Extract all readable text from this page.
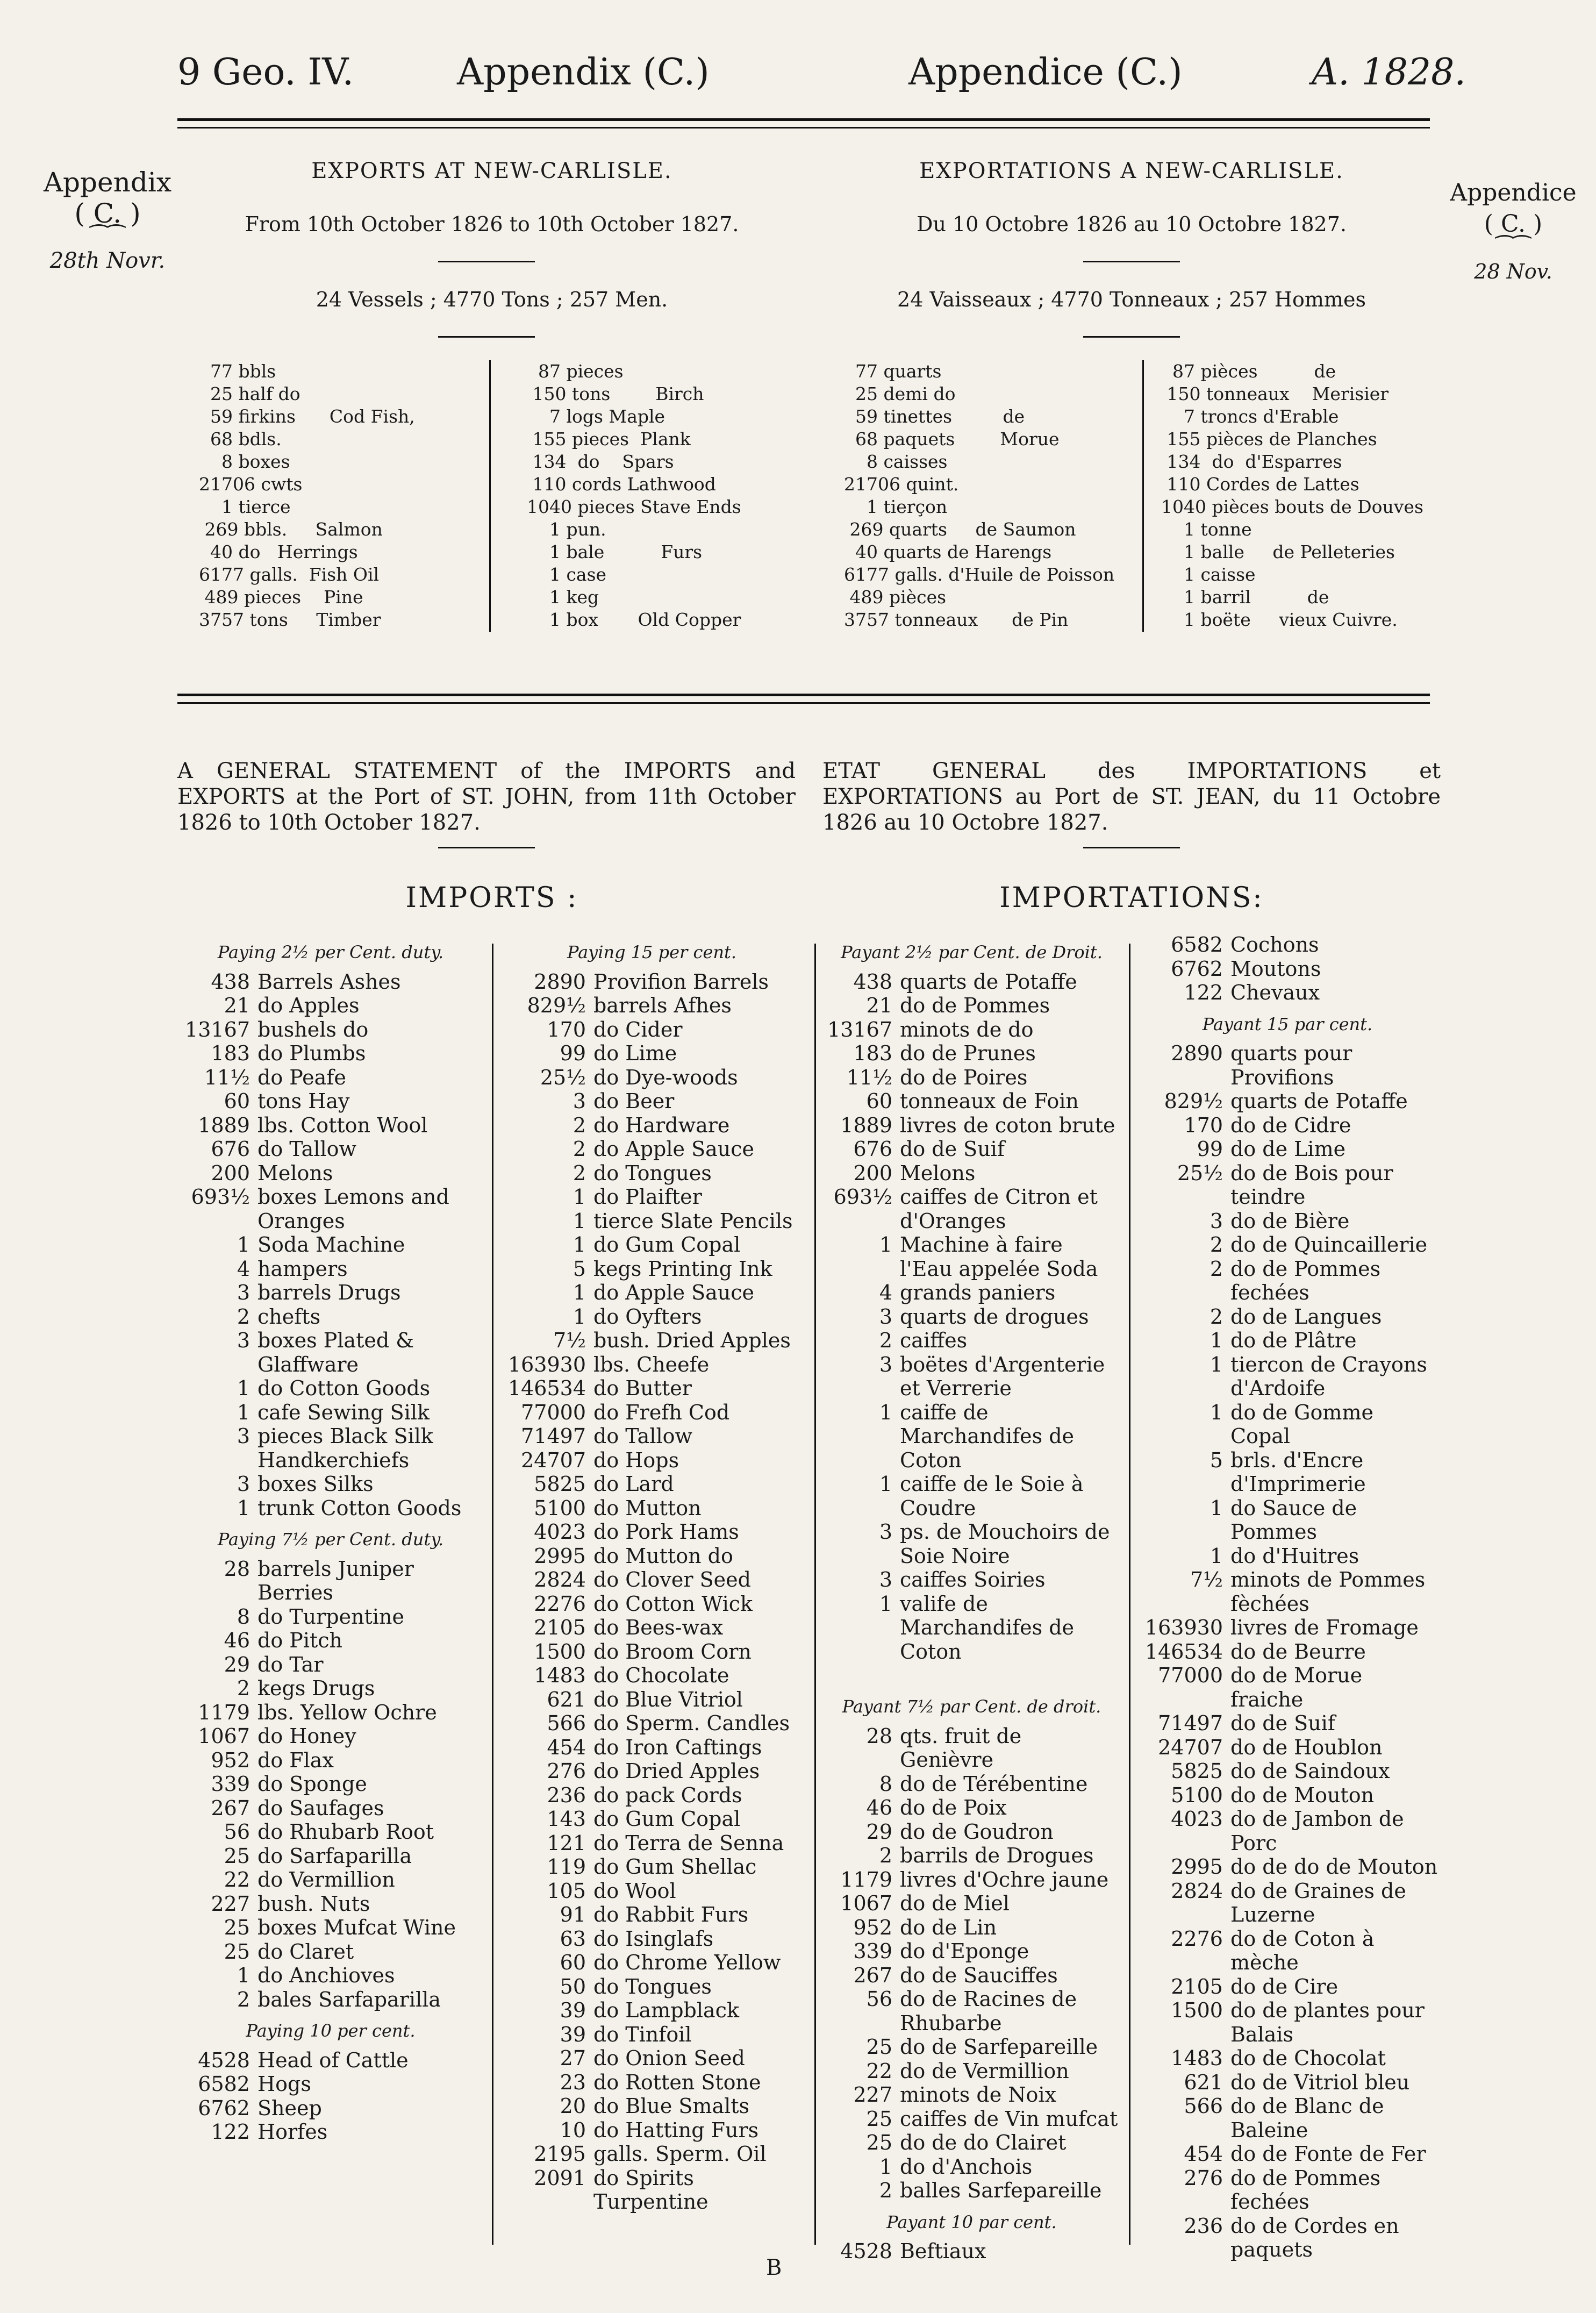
9 Geo. IV.	Appendix (C.)	Appendice (C.)	A. 1828.
Appendix
( C. )
⁀⁀
28th Novr.
Appendice
( C. )
⁀⁀
28 Nov.
EXPORTS AT NEW-CARLISLE.
From 10th October 1826 to 10th October 1827.
24 Vessels ; 4770 Tons ; 257 Men.
EXPORTATIONS A NEW-CARLISLE.
Du 10 Octobre 1826 au 10 Octobre 1827.
24 Vaisseaux ; 4770 Tonneaux ; 257 Hommes
77 bbls
25 half do
59 firkins      Cod Fish,
68 bdls.
8 boxes
21706 cwts
1 tierce
269 bbls.     Salmon
40 do   Herrings
6177 galls.  Fish Oil
489 pieces    Pine
3757 tons     Timber
87 pieces
150 tons        Birch
7 logs Maple
155 pieces  Plank
134  do    Spars
110 cords Lathwood
1040 pieces Stave Ends
1 pun.
1 bale          Furs
1 case
1 keg
1 box       Old Copper
77 quarts
25 demi do
59 tinettes         de
68 paquets        Morue
8 caisses
21706 quint.
1 tierçon
269 quarts     de Saumon
40 quarts de Harengs
6177 galls. d'Huile de Poisson
489 pièces
3757 tonneaux      de Pin
87 pièces          de
150 tonneaux    Merisier
7 troncs d'Erable
155 pièces de Planches
134  do  d'Esparres
110 Cordes de Lattes
1040 pièces bouts de Douves
1 tonne
1 balle     de Pelleteries
1 caisse
1 barril          de
1 boëte     vieux Cuivre.
A GENERAL STATEMENT of the IMPORTS and EXPORTS at the Port of ST. JOHN, from 11th October 1826 to 10th October 1827.
ETAT GENERAL des IMPORTATIONS et EXPORTATIONS au Port de ST. JEAN, du 11 Octobre 1826 au 10 Octobre 1827.
IMPORTS :	IMPORTATIONS:
Paying 2½ per Cent. duty.
438 Barrels Ashes
21 do Apples
13167 bushels do
183 do Plumbs
11½ do Peafe
60 tons Hay
1889 lbs. Cotton Wool
676 do Tallow
200 Melons
693½ boxes Lemons and Oranges
1 Soda Machine
4 hampers
3 barrels Drugs
2 chefts
3 boxes Plated & Glaffware
1 do Cotton Goods
1 cafe Sewing Silk
3 pieces Black Silk Handkerchiefs
3 boxes Silks
1 trunk Cotton Goods
Paying 7½ per Cent. duty.
28 barrels Juniper Berries
8 do Turpentine
46 do Pitch
29 do Tar
2 kegs Drugs
1179 lbs. Yellow Ochre
1067 do Honey
952 do Flax
339 do Sponge
267 do Saufages
56 do Rhubarb Root
25 do Sarfaparilla
22 do Vermillion
227 bush. Nuts
25 boxes Mufcat Wine
25 do Claret
1 do Anchioves
2 bales Sarfaparilla
Paying 10 per cent.
4528 Head of Cattle
6582 Hogs
6762 Sheep
122 Horfes
Paying 15 per cent.
2890 Provifion Barrels
829½ barrels Afhes
170 do Cider
99 do Lime
25½ do Dye-woods
3 do Beer
2 do Hardware
2 do Apple Sauce
2 do Tongues
1 do Plaifter
1 tierce Slate Pencils
1 do Gum Copal
5 kegs Printing Ink
1 do Apple Sauce
1 do Oyfters
7½ bush. Dried Apples
163930 lbs. Cheefe
146534 do Butter
77000 do Frefh Cod
71497 do Tallow
24707 do Hops
5825 do Lard
5100 do Mutton
4023 do Pork Hams
2995 do Mutton do
2824 do Clover Seed
2276 do Cotton Wick
2105 do Bees-wax
1500 do Broom Corn
1483 do Chocolate
621 do Blue Vitriol
566 do Sperm. Candles
454 do Iron Caftings
276 do Dried Apples
236 do pack Cords
143 do Gum Copal
121 do Terra de Senna
119 do Gum Shellac
105 do Wool
91 do Rabbit Furs
63 do Isinglafs
60 do Chrome Yellow
50 do Tongues
39 do Lampblack
39 do Tinfoil
27 do Onion Seed
23 do Rotten Stone
20 do Blue Smalts
10 do Hatting Furs
2195 galls. Sperm. Oil
2091 do Spirits Turpentine
Payant 2½ par Cent. de Droit.
438 quarts de Potaffe
21 do de Pommes
13167 minots de do
183 do de Prunes
11½ do de Poires
60 tonneaux de Foin
1889 livres de coton brute
676 do de Suif
200 Melons
693½ caiffes de Citron et d'Oranges
1 Machine à faire l'Eau appelée Soda
4 grands paniers
3 quarts de drogues
2 caiffes
3 boëtes d'Argenterie et Verrerie
1 caiffe de Marchandifes de Coton
1 caiffe de le Soie à Coudre
3 ps. de Mouchoirs de Soie Noire
3 caiffes Soiries
1 valife de Marchandifes de Coton
Payant 7½ par Cent. de droit.
28 qts. fruit de Genièvre
8 do de Térébentine
46 do de Poix
29 do de Goudron
2 barrils de Drogues
1179 livres d'Ochre jaune
1067 do de Miel
952 do de Lin
339 do d'Eponge
267 do de Sauciffes
56 do de Racines de Rhubarbe
25 do de Sarfepareille
22 do de Vermillion
227 minots de Noix
25 caiffes de Vin mufcat
25 do de do Clairet
1 do d'Anchois
2 balles Sarfepareille
Payant 10 par cent.
4528 Beftiaux
6582 Cochons
6762 Moutons
122 Chevaux
Payant 15 par cent.
2890 quarts pour Provifions
829½ quarts de Potaffe
170 do de Cidre
99 do de Lime
25½ do de Bois pour teindre
3 do de Bière
2 do de Quincaillerie
2 do de Pommes fechées
2 do de Langues
1 do de Plâtre
1 tiercon de Crayons d'Ardoife
1 do de Gomme Copal
5 brls. d'Encre d'Imprimerie
1 do Sauce de Pommes
1 do d'Huitres
7½ minots de Pommes fèchées
163930 livres de Fromage
146534 do de Beurre
77000 do de Morue fraiche
71497 do de Suif
24707 do de Houblon
5825 do de Saindoux
5100 do de Mouton
4023 do de Jambon de Porc
2995 do de do de Mouton
2824 do de Graines de Luzerne
2276 do de Coton à mèche
2105 do de Cire
1500 do de plantes pour Balais
1483 do de Chocolat
621 do de Vitriol bleu
566 do de Blanc de Baleine
454 do de Fonte de Fer
276 do de Pommes fechées
236 do de Cordes en paquets
B
